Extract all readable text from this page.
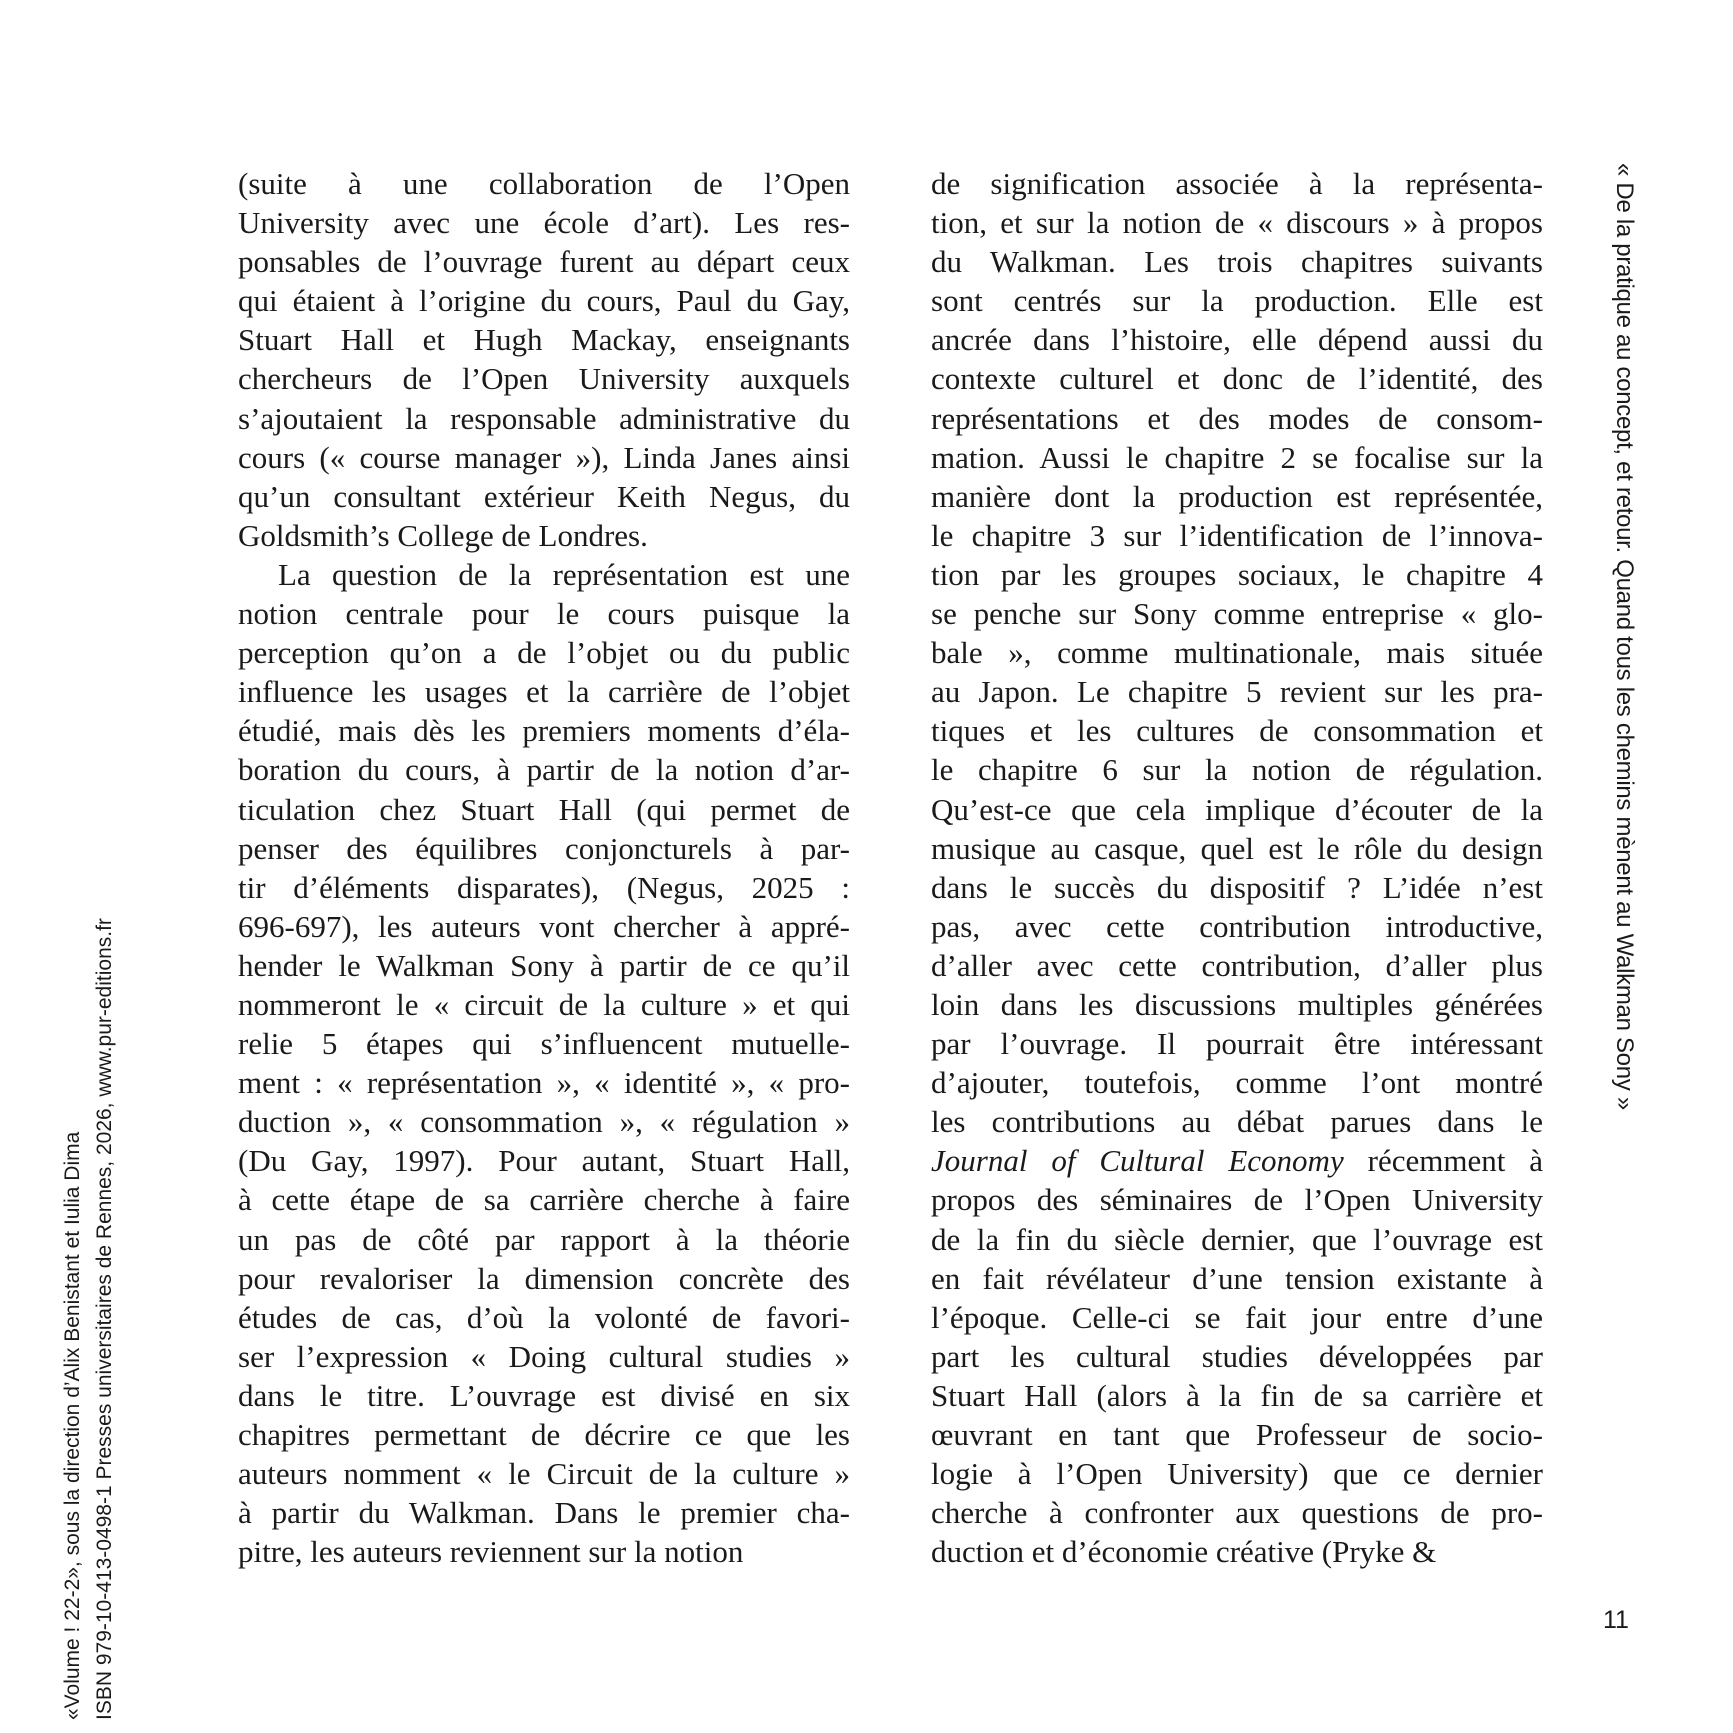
«Volume ! 22-2», sous la direction d’Alix Benistant et Iulia Dima ISBN 979-10-413-0498-1 Presses universitaires de Rennes, 2026, www.pur-editions.fr
« De la pratique au concept, et retour. Quand tous les chemins mènent au Walkman Sony »
(suite à une collaboration de l’Open
University avec une école d’art). Les res-
ponsables de l’ouvrage furent au départ ceux
qui étaient à l’origine du cours, Paul du Gay,
Stuart Hall et Hugh Mackay, enseignants
chercheurs de l’Open University auxquels
s’ajoutaient la responsable administrative du
cours (« course manager »), Linda Janes ainsi
qu’un consultant extérieur Keith Negus, du
Goldsmith’s College de Londres.
La question de la représentation est une
notion centrale pour le cours puisque la
perception qu’on a de l’objet ou du public
influence les usages et la carrière de l’objet
étudié, mais dès les premiers moments d’éla-
boration du cours, à partir de la notion d’ar-
ticulation chez Stuart Hall (qui permet de
penser des équilibres conjoncturels à par-
tir d’éléments disparates), (Negus, 2025 :
696-697), les auteurs vont chercher à appré-
hender le Walkman Sony à partir de ce qu’il
nommeront le « circuit de la culture » et qui
relie 5 étapes qui s’influencent mutuelle-
ment : « représentation », « identité », « pro-
duction », « consommation », « régulation »
(Du Gay, 1997). Pour autant, Stuart Hall,
à cette étape de sa carrière cherche à faire
un pas de côté par rapport à la théorie
pour revaloriser la dimension concrète des
études de cas, d’où la volonté de favori-
ser l’expression « Doing cultural studies »
dans le titre. L’ouvrage est divisé en six
chapitres permettant de décrire ce que les
auteurs nomment « le Circuit de la culture »
à partir du Walkman. Dans le premier cha-
pitre, les auteurs reviennent sur la notion
de signification associée à la représenta-
tion, et sur la notion de « discours » à propos
du Walkman. Les trois chapitres suivants
sont centrés sur la production. Elle est
ancrée dans l’histoire, elle dépend aussi du
contexte culturel et donc de l’identité, des
représentations et des modes de consom-
mation. Aussi le chapitre 2 se focalise sur la
manière dont la production est représentée,
le chapitre 3 sur l’identification de l’innova-
tion par les groupes sociaux, le chapitre 4
se penche sur Sony comme entreprise « glo-
bale », comme multinationale, mais située
au Japon. Le chapitre 5 revient sur les pra-
tiques et les cultures de consommation et
le chapitre 6 sur la notion de régulation.
Qu’est-ce que cela implique d’écouter de la
musique au casque, quel est le rôle du design
dans le succès du dispositif ? L’idée n’est
pas, avec cette contribution introductive,
d’aller avec cette contribution, d’aller plus
loin dans les discussions multiples générées
par l’ouvrage. Il pourrait être intéressant
d’ajouter, toutefois, comme l’ont montré
les contributions au débat parues dans le
Journal of Cultural Economy récemment à
propos des séminaires de l’Open University
de la fin du siècle dernier, que l’ouvrage est
en fait révélateur d’une tension existante à
l’époque. Celle-ci se fait jour entre d’une
part les cultural studies développées par
Stuart Hall (alors à la fin de sa carrière et
œuvrant en tant que Professeur de socio-
logie à l’Open University) que ce dernier
cherche à confronter aux questions de pro-
duction et d’économie créative (Pryke &
11
